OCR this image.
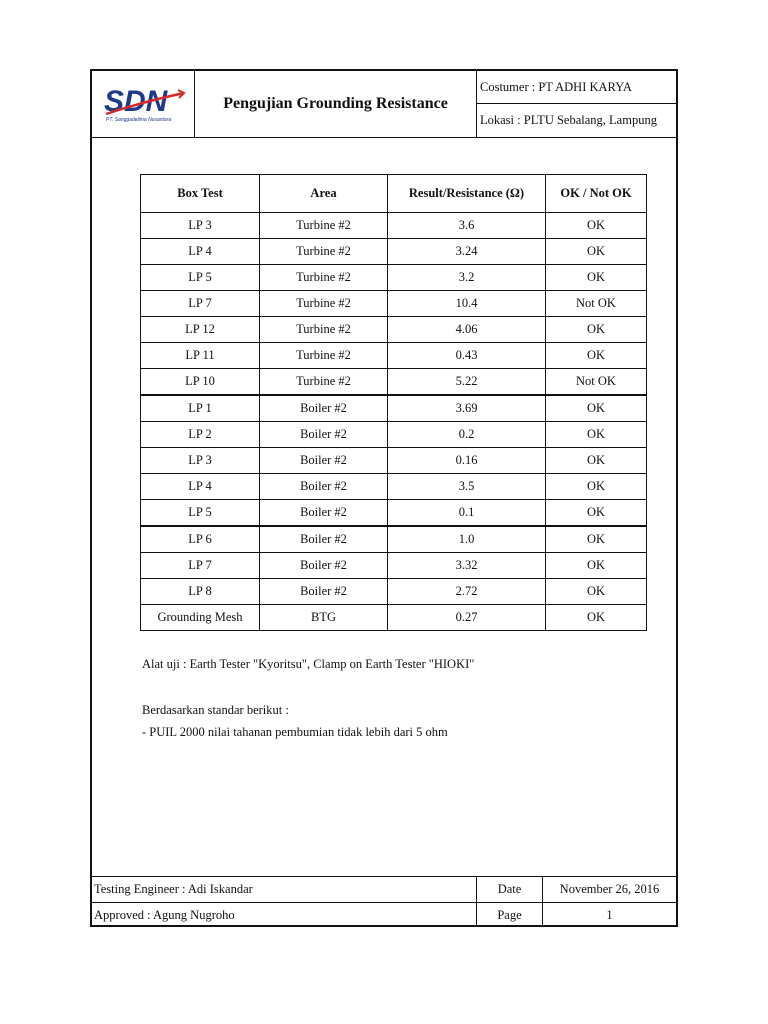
SDN
PT. Sanggadelima Nusantara
Pengujian Grounding Resistance
Costumer : PT ADHI KARYA
Lokasi : PLTU Sebalang, Lampung
Box Test	Area	Result/Resistance (Ω)	OK / Not OK
LP 3	Turbine #2	3.6	OK
LP 4	Turbine #2	3.24	OK
LP 5	Turbine #2	3.2	OK
LP 7	Turbine #2	10.4	Not OK
LP 12	Turbine #2	4.06	OK
LP 11	Turbine #2	0.43	OK
LP 10	Turbine #2	5.22	Not OK
LP 1	Boiler #2	3.69	OK
LP 2	Boiler #2	0.2	OK
LP 3	Boiler #2	0.16	OK
LP 4	Boiler #2	3.5	OK
LP 5	Boiler #2	0.1	OK
LP 6	Boiler #2	1.0	OK
LP 7	Boiler #2	3.32	OK
LP 8	Boiler #2	2.72	OK
Grounding Mesh	BTG	0.27	OK
Alat uji : Earth Tester "Kyoritsu", Clamp on Earth Tester "HIOKI"
Berdasarkan standar berikut :
- PUIL 2000 nilai tahanan pembumian tidak lebih dari 5 ohm
Testing Engineer : Adi Iskandar
Approved : Agung Nugroho
Date
Page
November 26, 2016
1
